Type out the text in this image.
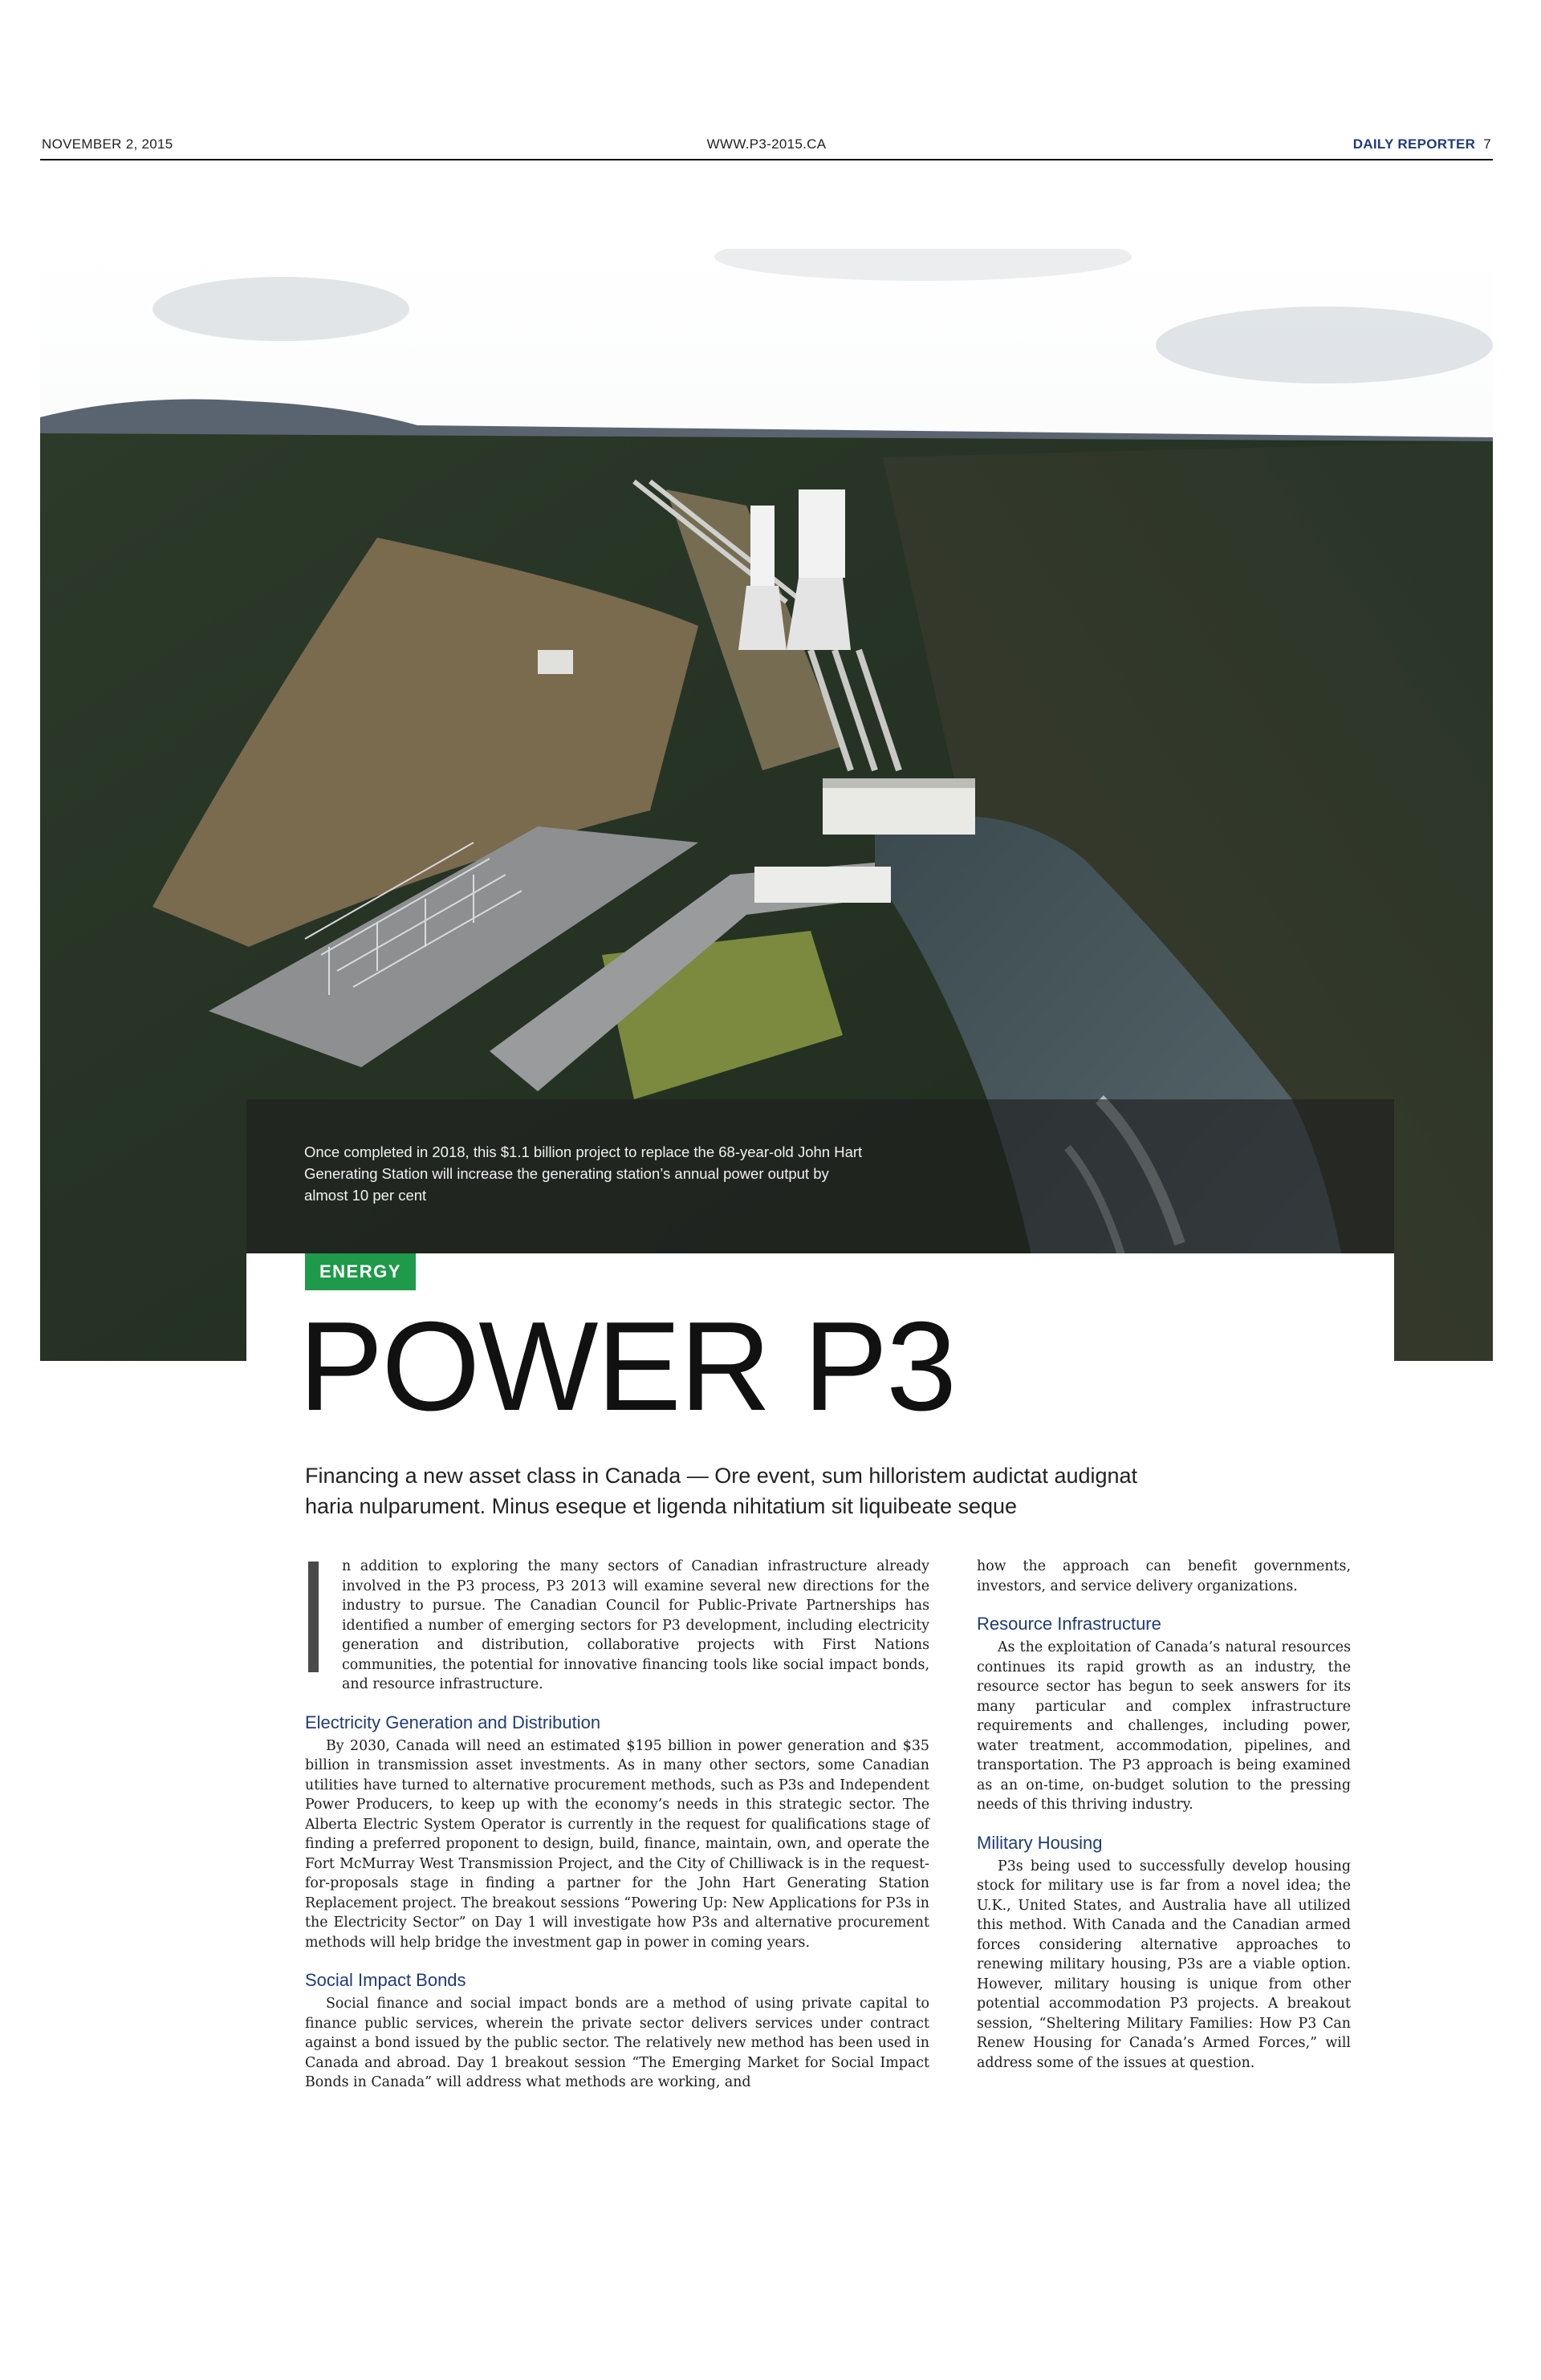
NOVEMBER 2, 2015	WWW.P3-2015.CA	DAILY REPORTER 7
Once completed in 2018, this $1.1 billion project to replace the 68-year-old John Hart Generating Station will increase the generating station’s annual power output by almost 10 per cent
ENERGY
POWER P3
Financing a new asset class in Canada — Ore event, sum hilloristem audictat audignat haria nulparument. Minus eseque et ligenda nihitatium sit liquibeate seque

n addition to exploring the many sectors of Canadian infrastructure already involved in the P3 process, P3 2013 will examine several new directions for the industry to pursue. The Canadian Council for Public-Private Partnerships has identified a number of emerging sectors for P3 development, including electricity generation and distribution, collaborative projects with First Nations communities, the potential for innovative financing tools like social impact bonds, and resource infrastructure.

Electricity Generation and Distribution

By 2030, Canada will need an estimated $195 billion in power generation and $35 billion in transmission asset investments. As in many other sectors, some Canadian utilities have turned to alternative procurement methods, such as P3s and Independent Power Producers, to keep up with the economy’s needs in this strategic sector. The Alberta Electric System Operator is currently in the request for qualifications stage of finding a preferred proponent to design, build, finance, maintain, own, and operate the Fort McMurray West Transmission Project, and the City of Chilliwack is in the request-for-proposals stage in finding a partner for the John Hart Generating Station Replacement project. The breakout sessions “Powering Up: New Applications for P3s in the Electricity Sector” on Day 1 will investigate how P3s and alternative procurement methods will help bridge the investment gap in power in coming years.

Social Impact Bonds

Social finance and social impact bonds are a method of using private capital to finance public services, wherein the private sector delivers services under contract against a bond issued by the public sector. The relatively new method has been used in Canada and abroad. Day 1 breakout session “The Emerging Market for Social Impact Bonds in Canada” will address what methods are working, and

how the approach can benefit governments, investors, and service delivery organizations.

Resource Infrastructure

As the exploitation of Canada’s natural resources continues its rapid growth as an industry, the resource sector has begun to seek answers for its many particular and complex infrastructure requirements and challenges, including power, water treatment, accommodation, pipelines, and transportation. The P3 approach is being examined as an on-time, on-budget solution to the pressing needs of this thriving industry.

Military Housing

P3s being used to successfully develop housing stock for military use is far from a novel idea; the U.K., United States, and Australia have all utilized this method. With Canada and the Canadian armed forces considering alternative approaches to renewing military housing, P3s are a viable option. However, military housing is unique from other potential accommodation P3 projects. A breakout session, “Sheltering Military Families: How P3 Can Renew Housing for Canada’s Armed Forces,” will address some of the issues at question.
